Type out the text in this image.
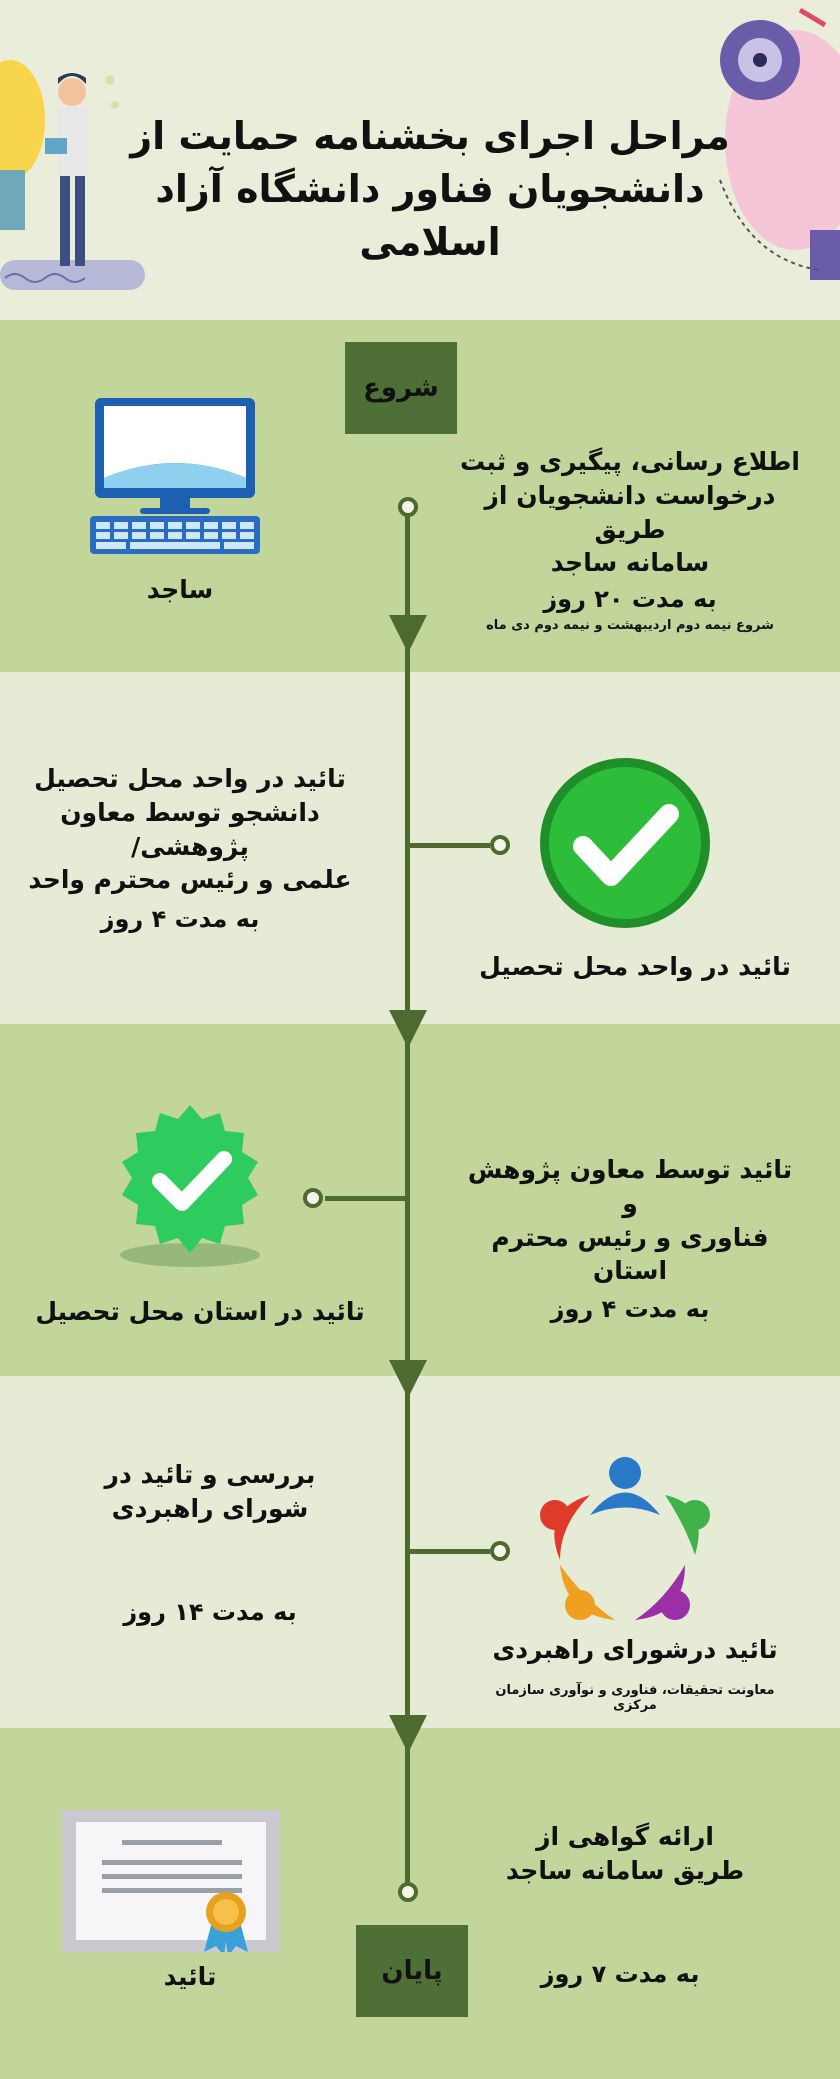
مراحل اجرای بخشنامه حمایت از
دانشجویان فناور دانشگاه آزاد اسلامی
شروع
پایان
ساجد
اطلاع رسانی، پیگیری و ثبت
درخواست دانشجویان از طریق
سامانه ساجد
به مدت ۲۰ روز
شروع نیمه دوم اردیبهشت و نیمه دوم دی ماه
تائید در واحد محل تحصیل
تائید در واحد محل تحصیل
دانشجو توسط معاون پژوهشی/
علمی و رئیس محترم واحد
به مدت ۴ روز
تائید در استان محل تحصیل
تائید توسط معاون پژوهش و
فناوری و رئیس محترم استان
به مدت ۴ روز
تائید درشورای راهبردی
معاونت تحقیقات، فناوری و نوآوری سازمان مرکزی
بررسی و تائید در
شورای راهبردی
به مدت ۱۴ روز
تائید
ارائه گواهی از
طریق سامانه ساجد
به مدت ۷ روز
